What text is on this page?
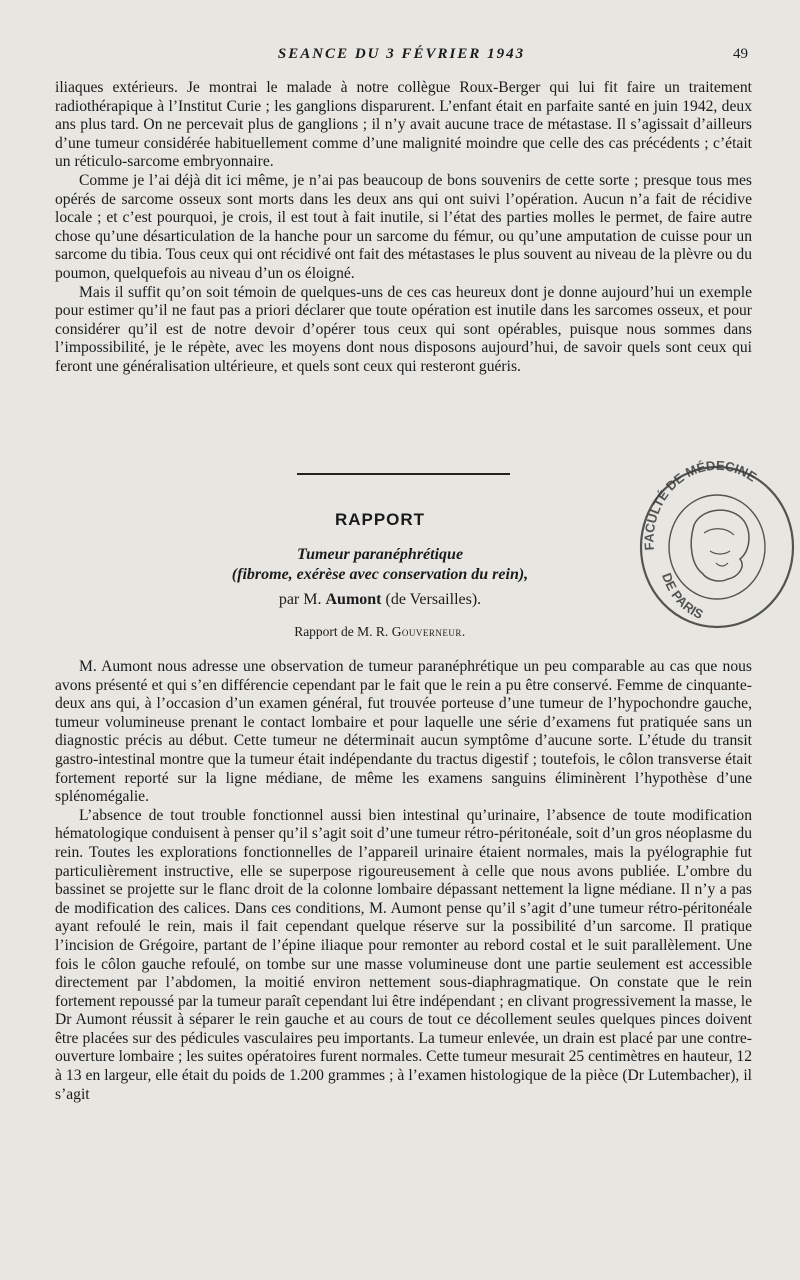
SEANCE DU 3 FÉVRIER 1943	49

iliaques extérieurs. Je montrai le malade à notre collègue Roux-Berger qui lui fit faire un traitement radiothérapique à l’Institut Curie ; les ganglions disparurent. L’enfant était en parfaite santé en juin 1942, deux ans plus tard. On ne percevait plus de ganglions ; il n’y avait aucune trace de métastase. Il s’agissait d’ailleurs d’une tumeur considérée habituellement comme d’une malignité moindre que celle des cas précédents ; c’était un réticulo-sarcome embryonnaire.

Comme je l’ai déjà dit ici même, je n’ai pas beaucoup de bons souvenirs de cette sorte ; presque tous mes opérés de sarcome osseux sont morts dans les deux ans qui ont suivi l’opération. Aucun n’a fait de récidive locale ; et c’est pourquoi, je crois, il est tout à fait inutile, si l’état des parties molles le permet, de faire autre chose qu’une désarticulation de la hanche pour un sarcome du fémur, ou qu’une amputation de cuisse pour un sarcome du tibia. Tous ceux qui ont récidivé ont fait des métastases le plus souvent au niveau de la plèvre ou du poumon, quelquefois au niveau d’un os éloigné.

Mais il suffit qu’on soit témoin de quelques-uns de ces cas heureux dont je donne aujourd’hui un exemple pour estimer qu’il ne faut pas a priori déclarer que toute opération est inutile dans les sarcomes osseux, et pour considérer qu’il est de notre devoir d’opérer tous ceux qui sont opérables, puisque nous sommes dans l’impossibilité, je le répète, avec les moyens dont nous disposons aujourd’hui, de savoir quels sont ceux qui feront une généralisation ultérieure, et quels sont ceux qui resteront guéris.

RAPPORT
Tumeur paranéphrétique
(fibrome, exérèse avec conservation du rein),
par M. Aumont (de Versailles).
Rapport de M. R. Gouverneur.

M. Aumont nous adresse une observation de tumeur paranéphrétique un peu comparable au cas que nous avons présenté et qui s’en différencie cependant par le fait que le rein a pu être conservé. Femme de cinquante-deux ans qui, à l’occasion d’un examen général, fut trouvée porteuse d’une tumeur de l’hypochondre gauche, tumeur volumineuse prenant le contact lombaire et pour laquelle une série d’examens fut pratiquée sans un diagnostic précis au début. Cette tumeur ne déterminait aucun symptôme d’aucune sorte. L’étude du transit gastro-intestinal montre que la tumeur était indépendante du tractus digestif ; toutefois, le côlon transverse était fortement reporté sur la ligne médiane, de même les examens sanguins éliminèrent l’hypothèse d’une splénomégalie.

L’absence de tout trouble fonctionnel aussi bien intestinal qu’urinaire, l’absence de toute modification hématologique conduisent à penser qu’il s’agit soit d’une tumeur rétro-péritonéale, soit d’un gros néoplasme du rein. Toutes les explorations fonctionnelles de l’appareil urinaire étaient normales, mais la pyélographie fut particulièrement instructive, elle se superpose rigoureusement à celle que nous avons publiée. L’ombre du bassinet se projette sur le flanc droit de la colonne lombaire dépassant nettement la ligne médiane. Il n’y a pas de modification des calices. Dans ces conditions, M. Aumont pense qu’il s’agit d’une tumeur rétro-péritonéale ayant refoulé le rein, mais il fait cependant quelque réserve sur la possibilité d’un sarcome. Il pratique l’incision de Grégoire, partant de l’épine iliaque pour remonter au rebord costal et le suit parallèlement. Une fois le côlon gauche refoulé, on tombe sur une masse volumineuse dont une partie seulement est accessible directement par l’abdomen, la moitié environ nettement sous-diaphragmatique. On constate que le rein fortement repoussé par la tumeur paraît cependant lui être indépendant ; en clivant progressivement la masse, le Dr Aumont réussit à séparer le rein gauche et au cours de tout ce décollement seules quelques pinces doivent être placées sur des pédicules vasculaires peu importants. La tumeur enlevée, un drain est placé par une contre-ouverture lombaire ; les suites opératoires furent normales. Cette tumeur mesurait 25 centimètres en hauteur, 12 à 13 en largeur, elle était du poids de 1.200 grammes ; à l’examen histologique de la pièce (Dr Lutembacher), il s’agit

FACULTÉ DE MÉDECINE
DE PARIS
